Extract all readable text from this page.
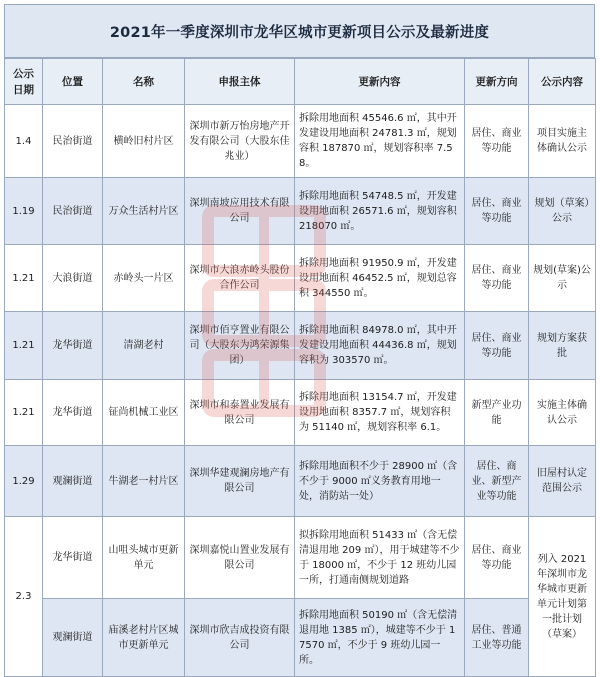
2021年一季度深圳市龙华区城市更新项目公示及最新进度
公示日期	位置	名称	申报主体	更新内容	更新方向	公示内容
1.4	民治街道	横岭旧村片区	深圳市新万怡房地产开发有限公司（大股东佳兆业）	拆除用地面积 45546.6 ㎡，其中开发建设用地面积 24781.3 ㎡，规划容积 187870 ㎡，规划容积率 7.58。	居住、商业等功能	项目实施主体确认公示
1.19	民治街道	万众生活村片区	深圳南坡应用技术有限公司	拆除用地面积 54748.5 ㎡，开发建设用地面积 26571.6 ㎡，规划容积 218070 ㎡。	居住、商业等功能	规划（草案）公示
1.21	大浪街道	赤岭头一片区	深圳市大浪赤岭头股份合作公司	拆除用地面积 91950.9 ㎡，开发建设用地面积 46452.5 ㎡，规划总容积 344550 ㎡。	居住、商业等功能	规划(草案)公示
1.21	龙华街道	清湖老村	深圳市佰亨置业有限公司（大股东为鸿荣源集团）	拆除用地面积 84978.0 ㎡，其中开发建设用地面积 44436.8 ㎡，规划容积为 303570 ㎡。	居住、商业等功能	规划方案获批
1.21	龙华街道	钲尚机械工业区	深圳市和泰置业发展有限公司	拆除用地面积 13154.7 ㎡，开发建设用地面积 8357.7 ㎡，规划容积为 51140 ㎡，规划容积率 6.1。	新型产业功能	实施主体确认公示
1.29	观澜街道	牛湖老一村片区	深圳华建观澜房地产有限公司	拆除用地面积不少于 28900 ㎡（含不少于 9000 ㎡义务教育用地一处，消防站一处）	居住、商业、新型产业等功能	旧屋村认定范围公示
2.3	龙华街道	山咀头城市更新单元	深圳嘉悦山置业发展有限公司	拟拆除用地面积 51433 ㎡（含无偿清退用地 209 ㎡），用于城建等不少于 18000 ㎡，不少于 12 班幼儿园一所，打通南侧规划道路	居住、商业等功能	列入 2021 年深圳市龙华城市更新单元计划第一批计划（草案）
	观澜街道	庙溪老村片区城市更新单元	深圳市欣吉成投资有限公司	拆除用地面积 50190 ㎡（含无偿清退用地 1385 ㎡），城建等不少于 17570 ㎡，不少于 9 班幼儿园一所。	居住、普通工业等功能	
